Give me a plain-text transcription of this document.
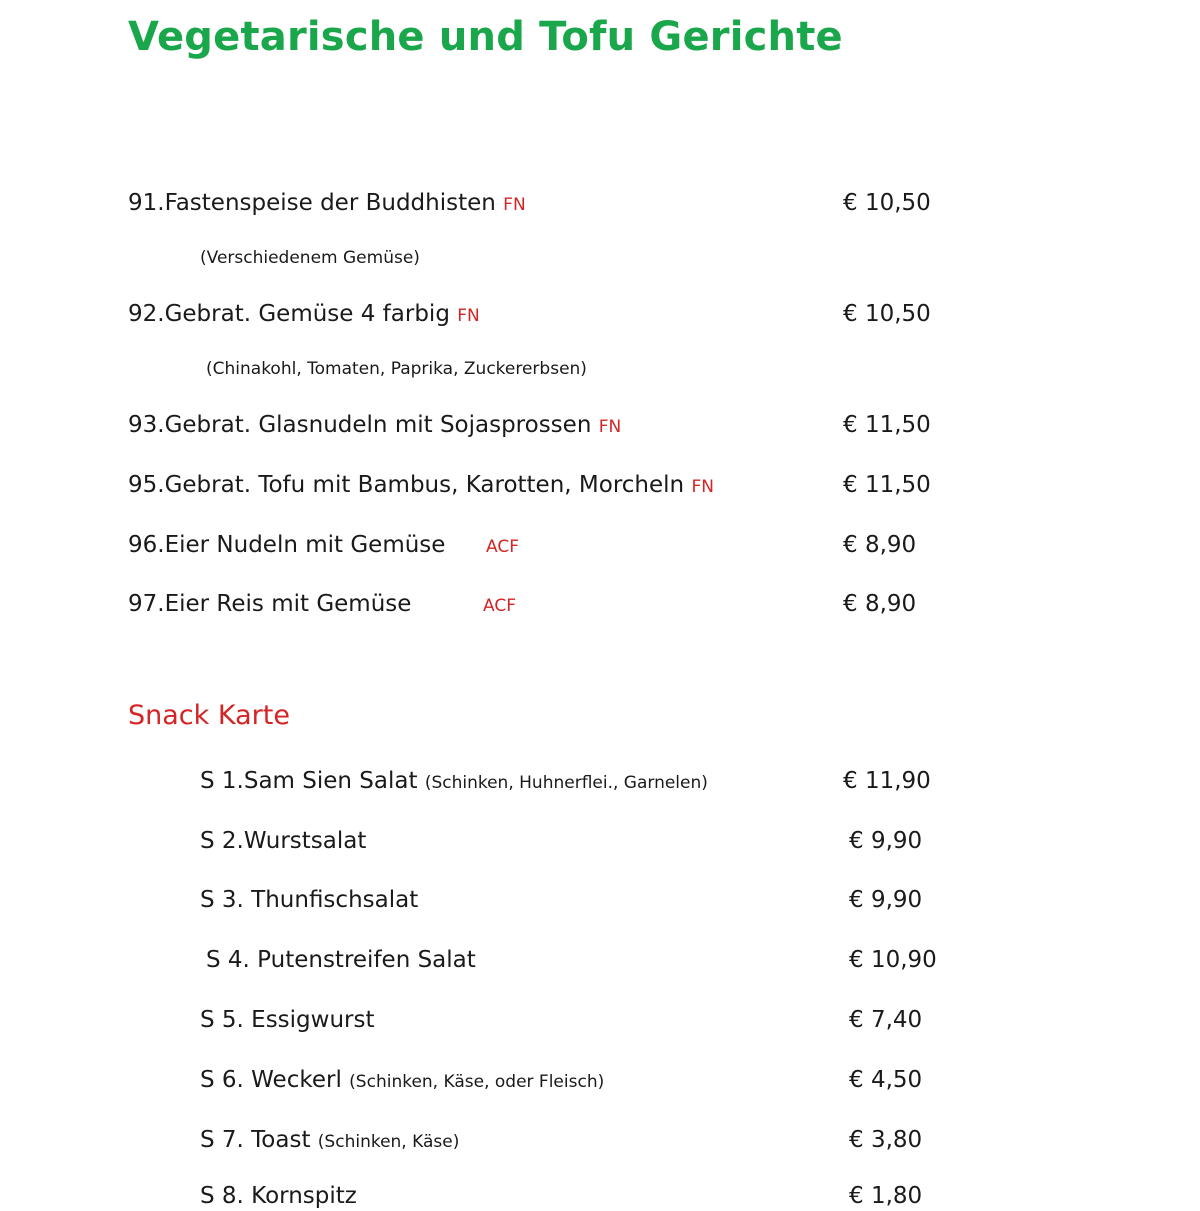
Vegetarische und Tofu Gerichte
91.Fastenspeise der Buddhisten FN	€ 10,50
(Verschiedenem Gemüse)
92.Gebrat. Gemüse 4 farbig FN	€ 10,50
(Chinakohl, Tomaten, Paprika, Zuckererbsen)
93.Gebrat. Glasnudeln mit Sojasprossen FN	€ 11,50
95.Gebrat. Tofu mit Bambus, Karotten, Morcheln FN	€ 11,50
96.Eier Nudeln mit Gemüse ACF	€ 8,90
97.Eier Reis mit Gemüse	ACF	€ 8,90
Snack Karte
S 1.Sam Sien Salat (Schinken, Huhnerflei., Garnelen)	€ 11,90
S 2.Wurstsalat	€ 9,90
S 3. Thunfischsalat	€ 9,90
S 4. Putenstreifen Salat	€ 10,90
S 5. Essigwurst	€ 7,40
S 6. Weckerl (Schinken, Käse, oder Fleisch)	€ 4,50
S 7. Toast (Schinken, Käse)	€ 3,80
S 8. Kornspitz	€ 1,80
